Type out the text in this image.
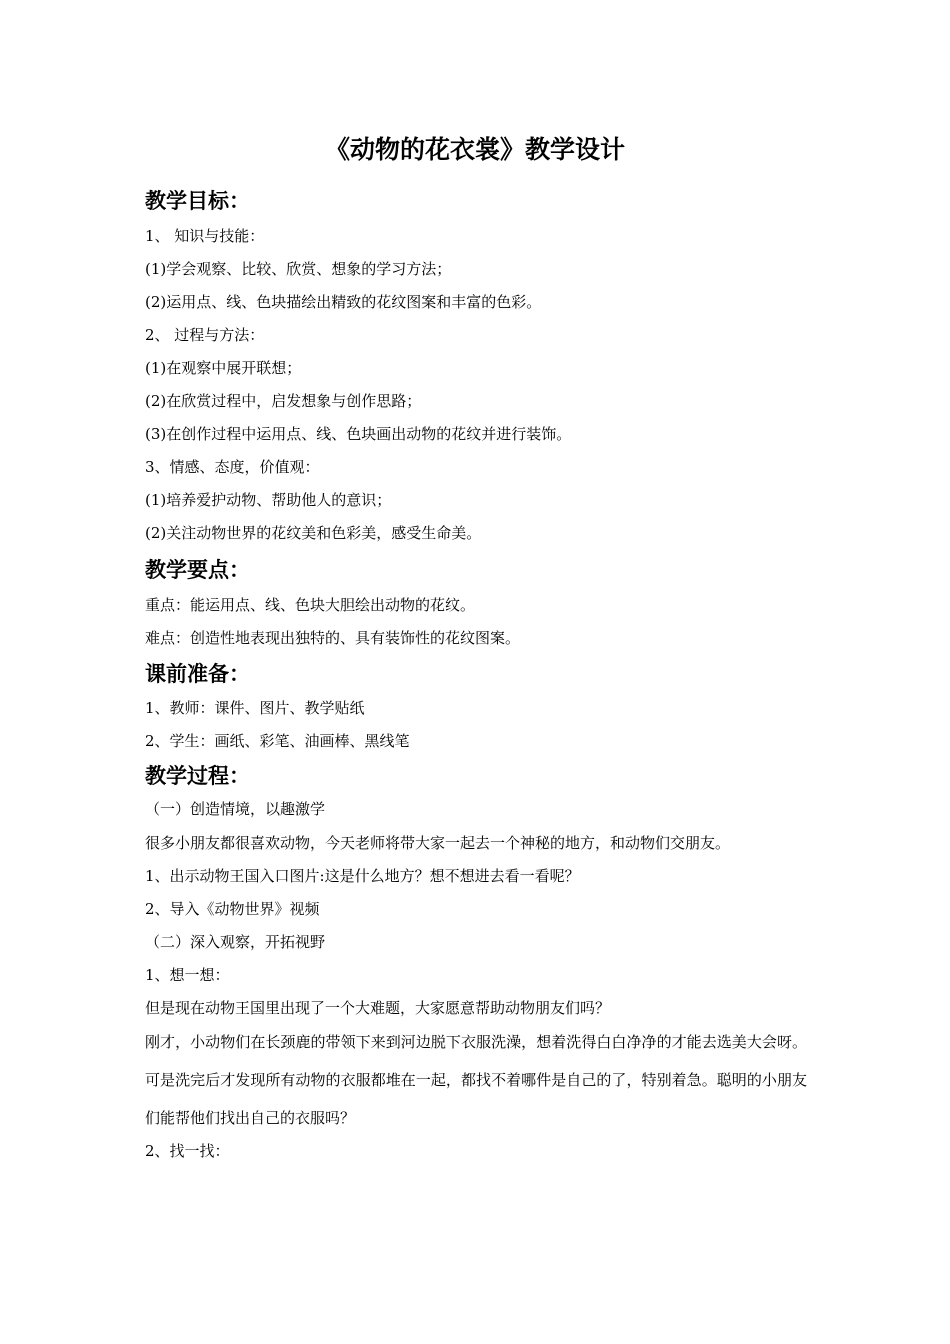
《动物的花衣裳》教学设计
教学目标：

1、 知识与技能：

(1)学会观察、比较、欣赏、想象的学习方法；

(2)运用点、线、色块描绘出精致的花纹图案和丰富的色彩。

2、 过程与方法：

(1)在观察中展开联想；

(2)在欣赏过程中，启发想象与创作思路；

(3)在创作过程中运用点、线、色块画出动物的花纹并进行装饰。

3、情感、态度，价值观：

(1)培养爱护动物、帮助他人的意识；

(2)关注动物世界的花纹美和色彩美，感受生命美。

教学要点：

重点：能运用点、线、色块大胆绘出动物的花纹。

难点：创造性地表现出独特的、具有装饰性的花纹图案。

课前准备：

1、教师：课件、图片、教学贴纸

2、学生：画纸、彩笔、油画棒、黑线笔

教学过程：

（一）创造情境，以趣激学

很多小朋友都很喜欢动物，今天老师将带大家一起去一个神秘的地方，和动物们交朋友。

1、出示动物王国入口图片:这是什么地方？想不想进去看一看呢？

2、导入《动物世界》视频

（二）深入观察，开拓视野

1、想一想：

但是现在动物王国里出现了一个大难题，大家愿意帮助动物朋友们吗？

刚才，小动物们在长颈鹿的带领下来到河边脱下衣服洗澡，想着洗得白白净净的才能去选美大会呀。可是洗完后才发现所有动物的衣服都堆在一起，都找不着哪件是自己的了，特别着急。聪明的小朋友们能帮他们找出自己的衣服吗？

2、找一找：
